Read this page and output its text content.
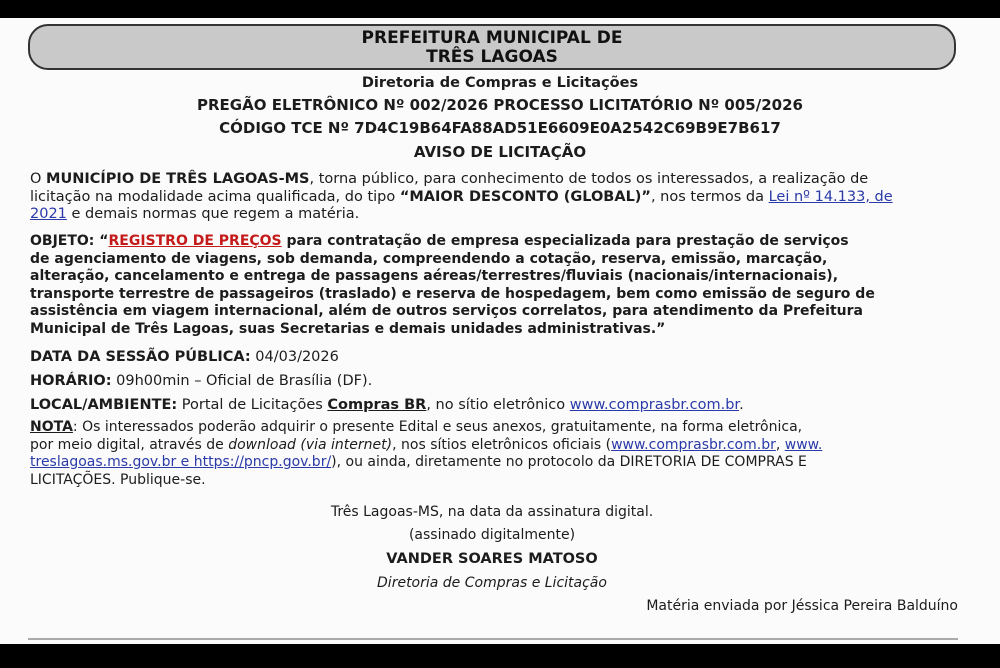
PREFEITURA MUNICIPAL DE
TRÊS LAGOAS
Diretoria de Compras e Licitações
PREGÃO ELETRÔNICO Nº 002/2026 PROCESSO LICITATÓRIO Nº 005/2026
CÓDIGO TCE Nº 7D4C19B64FA88AD51E6609E0A2542C69B9E7B617
AVISO DE LICITAÇÃO
O MUNICÍPIO DE TRÊS LAGOAS-MS, torna público, para conhecimento de todos os interessados, a realização de
licitação na modalidade acima qualificada, do tipo “MAIOR DESCONTO (GLOBAL)”, nos termos da Lei nº 14.133, de
2021 e demais normas que regem a matéria.
OBJETO: “REGISTRO DE PREÇOS para contratação de empresa especializada para prestação de serviços
de agenciamento de viagens, sob demanda, compreendendo a cotação, reserva, emissão, marcação,
alteração, cancelamento e entrega de passagens aéreas/terrestres/fluviais (nacionais/internacionais),
transporte terrestre de passageiros (traslado) e reserva de hospedagem, bem como emissão de seguro de
assistência em viagem internacional, além de outros serviços correlatos, para atendimento da Prefeitura
Municipal de Três Lagoas, suas Secretarias e demais unidades administrativas.”
DATA DA SESSÃO PÚBLICA: 04/03/2026
HORÁRIO: 09h00min – Oficial de Brasília (DF).
LOCAL/AMBIENTE: Portal de Licitações Compras BR, no sítio eletrônico www.comprasbr.com.br.
NOTA: Os interessados poderão adquirir o presente Edital e seus anexos, gratuitamente, na forma eletrônica,
por meio digital, através de download (via internet), nos sítios eletrônicos oficiais (www.comprasbr.com.br, www.
treslagoas.ms.gov.br e https://pncp.gov.br/), ou ainda, diretamente no protocolo da DIRETORIA DE COMPRAS E
LICITAÇÕES. Publique-se.
Três Lagoas-MS, na data da assinatura digital.
(assinado digitalmente)
VANDER SOARES MATOSO
Diretoria de Compras e Licitação
Matéria enviada por Jéssica Pereira Balduíno
